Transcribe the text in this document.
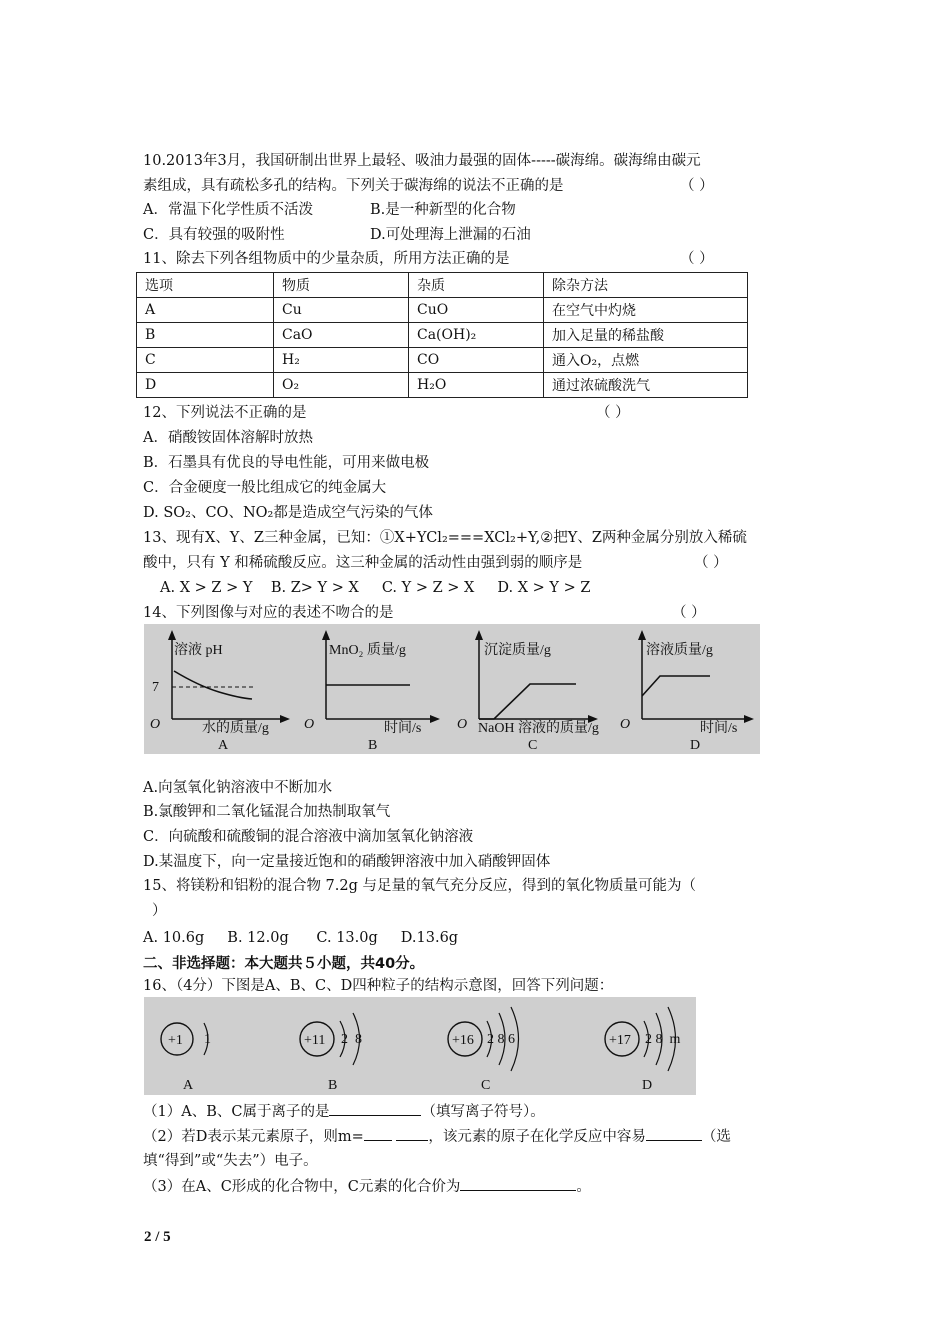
10.2013年3月，我国研制出世界上最轻、吸油力最强的固体-----碳海绵。碳海绵由碳元
素组成，具有疏松多孔的结构。下列关于碳海绵的说法不正确的是	（ ）
A．常温下化学性质不活泼	B.是一种新型的化合物
C．具有较强的吸附性	D.可处理海上泄漏的石油
11、除去下列各组物质中的少量杂质，所用方法正确的是	（ ）
选项	物质	杂质	除杂方法
A	Cu	CuO	在空气中灼烧
B	CaO	Ca(OH)₂	加入足量的稀盐酸
C	H₂	CO	通入O₂，点燃
D	O₂	H₂O	通过浓硫酸洗气
12、下列说法不正确的是	（ ）
A．硝酸铵固体溶解时放热
B．石墨具有优良的导电性能，可用来做电极
C．合金硬度一般比组成它的纯金属大
D. SO₂、CO、NO₂都是造成空气污染的气体
13、现有X、Y、Z三种金属，已知：①X+YCl₂===XCl₂+Y,②把Y、Z两种金属分别放入稀硫
酸中，只有 Y 和稀硫酸反应。这三种金属的活动性由强到弱的顺序是	（ ）
A. X > Z > Y    B. Z> Y > X     C. Y > Z > X     D. X > Y > Z
14、下列图像与对应的表述不吻合的是	（ ）
溶液 pH
7
O	水的质量/g
A
MnO₂ 质量/g
O	时间/s
B
沉淀质量/g
O NaOH 溶液的质量/g
C
溶液质量/g
O	时间/s
D
A.向氢氧化钠溶液中不断加水
B.氯酸钾和二氧化锰混合加热制取氧气
C．向硫酸和硫酸铜的混合溶液中滴加氢氧化钠溶液
D.某温度下，向一定量接近饱和的硝酸钾溶液中加入硝酸钾固体
15、将镁粉和铝粉的混合物 7.2g 与足量的氧气充分反应，得到的氧化物质量可能为（
）
A. 10.6g     B. 12.0g      C. 13.0g     D.13.6g
二、非选择题：本大题共５小题，共40分。
16、（4分）下图是A、B、C、D四种粒子的结构示意图，回答下列问题：
+1 1
A
+11 2  8
B
+16 2 8 6
C
+17 2 8  m
D
（1）A、B、C属于离子的是	（填写离子符号）。
（2）若D表示某元素原子，则m=	，该元素的原子在化学反应中容易	（选
填“得到”或“失去”）电子。
（3）在A、C形成的化合物中，C元素的化合价为	。
2 / 5
